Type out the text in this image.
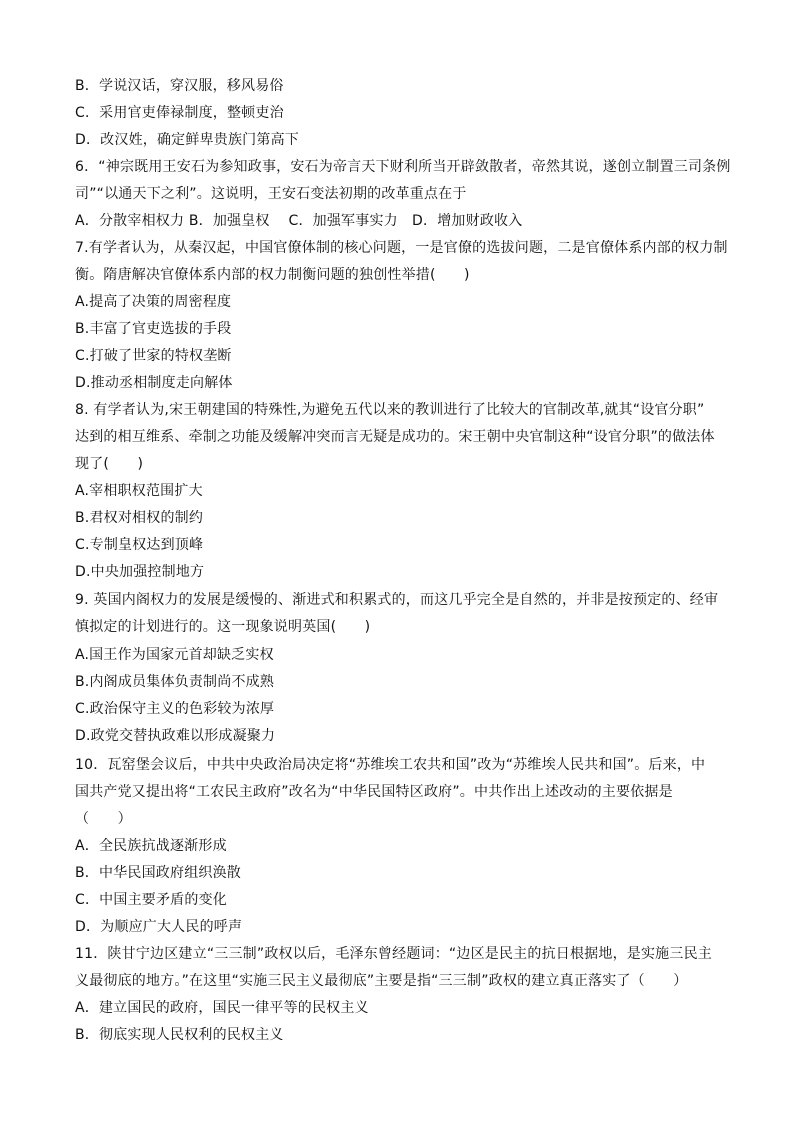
B．学说汉话，穿汉服，移风易俗
C．采用官吏俸禄制度，整顿吏治
D．改汉姓，确定鲜卑贵族门第高下
6．“神宗既用王安石为参知政事，安石为帝言天下财利所当开辟敛散者，帝然其说，遂创立制置三司条例
司”“以通天下之利”。这说明，王安石变法初期的改革重点在于
A．分散宰相权力 B．加强皇权　 C．加强军事实力　D．增加财政收入
7.有学者认为，从秦汉起，中国官僚体制的核心问题，一是官僚的选拔问题，二是官僚体系内部的权力制
衡。隋唐解决官僚体系内部的权力制衡问题的独创性举措(　　)
A.提高了决策的周密程度
B.丰富了官吏选拔的手段
C.打破了世家的特权垄断
D.推动丞相制度走向解体
8. 有学者认为,宋王朝建国的特殊性,为避免五代以来的教训进行了比较大的官制改革,就其“设官分职”
达到的相互维系、牵制之功能及缓解冲突而言无疑是成功的。宋王朝中央官制这种“设官分职”的做法体
现了(　　)
A.宰相职权范围扩大
B.君权对相权的制约
C.专制皇权达到顶峰
D.中央加强控制地方
9. 英国内阁权力的发展是缓慢的、渐进式和积累式的，而这几乎完全是自然的，并非是按预定的、经审
慎拟定的计划进行的。这一现象说明英国(　　)
A.国王作为国家元首却缺乏实权
B.内阁成员集体负责制尚不成熟
C.政治保守主义的色彩较为浓厚
D.政党交替执政难以形成凝聚力
10．瓦窑堡会议后，中共中央政治局决定将“苏维埃工农共和国”改为“苏维埃人民共和国”。后来，中
国共产党又提出将“工农民主政府”改名为“中华民国特区政府”。中共作出上述改动的主要依据是
（　　）
A．全民族抗战逐渐形成
B．中华民国政府组织涣散
C．中国主要矛盾的变化
D．为顺应广大人民的呼声
11．陕甘宁边区建立“三三制”政权以后，毛泽东曾经题词：“边区是民主的抗日根据地，是实施三民主
义最彻底的地方。”在这里“实施三民主义最彻底”主要是指“三三制”政权的建立真正落实了（　　）
A．建立国民的政府，国民一律平等的民权主义
B．彻底实现人民权利的民权主义
